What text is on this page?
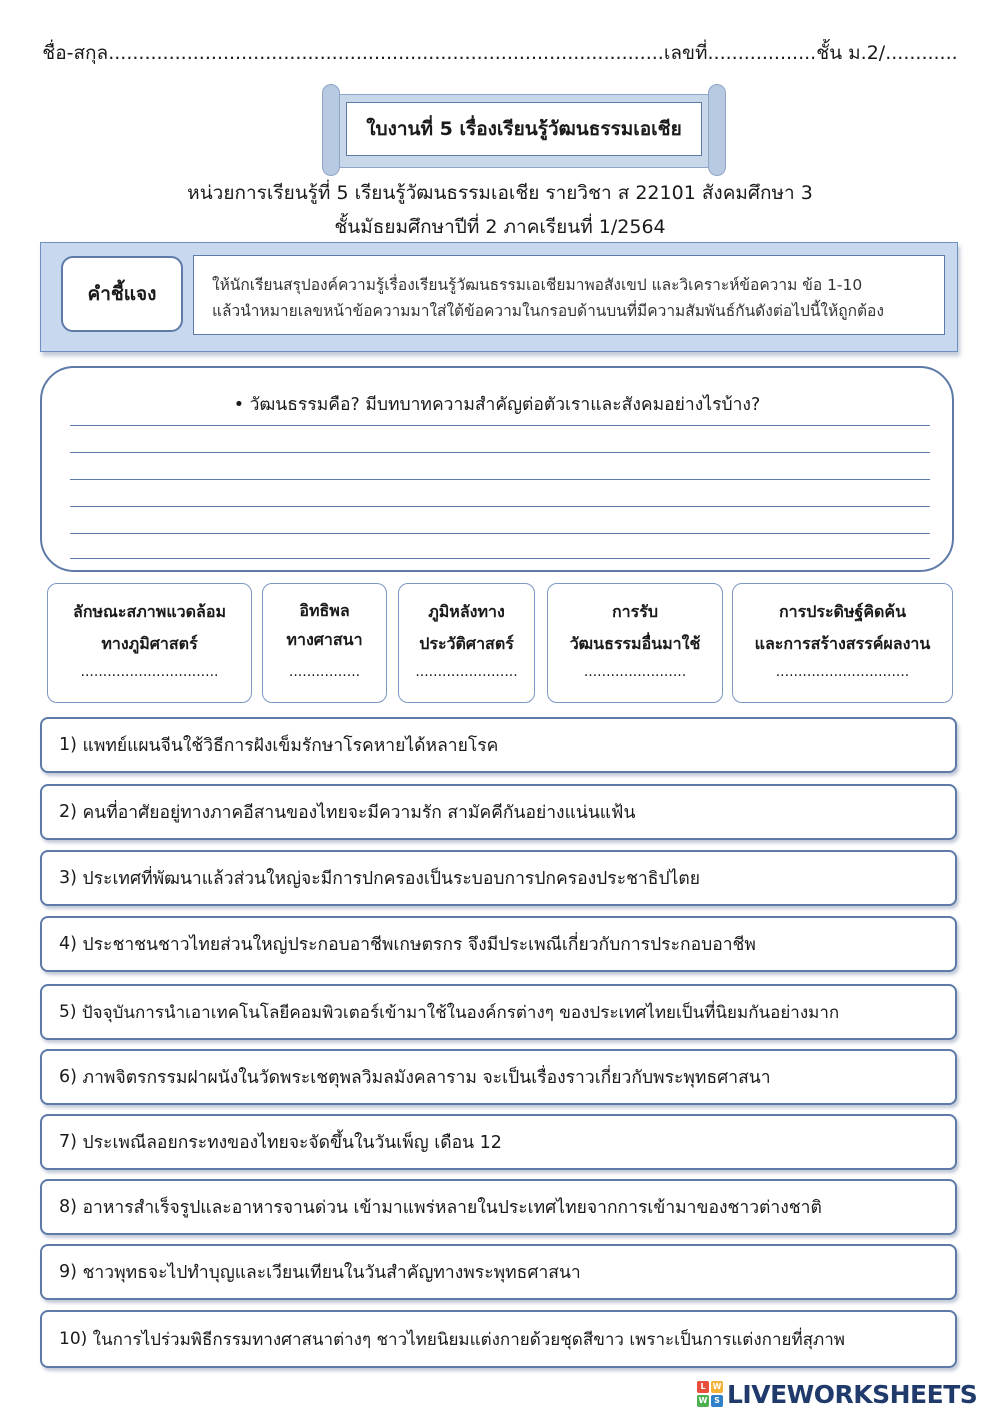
ชื่อ-สกุล............................................................................................เลขที่..................ชั้น ม.2/............
ใบงานที่ 5 เรื่องเรียนรู้วัฒนธรรมเอเชีย
หน่วยการเรียนรู้ที่ 5 เรียนรู้วัฒนธรรมเอเชีย รายวิชา ส 22101 สังคมศึกษา 3
ชั้นมัธยมศึกษาปีที่ 2 ภาคเรียนที่ 1/2564
คำชี้แจง	ให้นักเรียนสรุปองค์ความรู้เรื่องเรียนรู้วัฒนธรรมเอเชียมาพอสังเขป และวิเคราะห์ข้อความ ข้อ 1-10
แล้วนำหมายเลขหน้าข้อความมาใส่ใต้ข้อความในกรอบด้านบนที่มีความสัมพันธ์กันดังต่อไปนี้ให้ถูกต้อง
• วัฒนธรรมคือ? มีบทบาทความสำคัญต่อตัวเราและสังคมอย่างไรบ้าง?
ลักษณะสภาพแวดล้อม
ทางภูมิศาสตร์
...............................
อิทธิพล
ทางศาสนา
................
ภูมิหลังทาง
ประวัติศาสตร์
.......................
การรับ
วัฒนธรรมอื่นมาใช้
.......................
การประดิษฐ์คิดค้น
และการสร้างสรรค์ผลงาน
..............................
1)
แพทย์แผนจีนใช้วิธีการฝังเข็มรักษาโรคหายได้หลายโรค
2)
คนที่อาศัยอยู่ทางภาคอีสานของไทยจะมีความรัก สามัคคีกันอย่างแน่นแฟ้น
3)
ประเทศที่พัฒนาแล้วส่วนใหญ่จะมีการปกครองเป็นระบอบการปกครองประชาธิปไตย
4)
ประชาชนชาวไทยส่วนใหญ่ประกอบอาชีพเกษตรกร จึงมีประเพณีเกี่ยวกับการประกอบอาชีพ
5)
ปัจจุบันการนำเอาเทคโนโลยีคอมพิวเตอร์เข้ามาใช้ในองค์กรต่างๆ ของประเทศไทยเป็นที่นิยมกันอย่างมาก
6)
ภาพจิตรกรรมฝาผนังในวัดพระเชตุพลวิมลมังคลาราม จะเป็นเรื่องราวเกี่ยวกับพระพุทธศาสนา
7)
ประเพณีลอยกระทงของไทยจะจัดขึ้นในวันเพ็ญ เดือน 12
8)
อาหารสำเร็จรูปและอาหารจานด่วน เข้ามาแพร่หลายในประเทศไทยจากการเข้ามาของชาวต่างชาติ
9)
ชาวพุทธจะไปทำบุญและเวียนเทียนในวันสำคัญทางพระพุทธศาสนา
10)
ในการไปร่วมพิธีกรรมทางศาสนาต่างๆ ชาวไทยนิยมแต่งกายด้วยชุดสีขาว เพราะเป็นการแต่งกายที่สุภาพ
L W
W S LIVEWORKSHEETS
